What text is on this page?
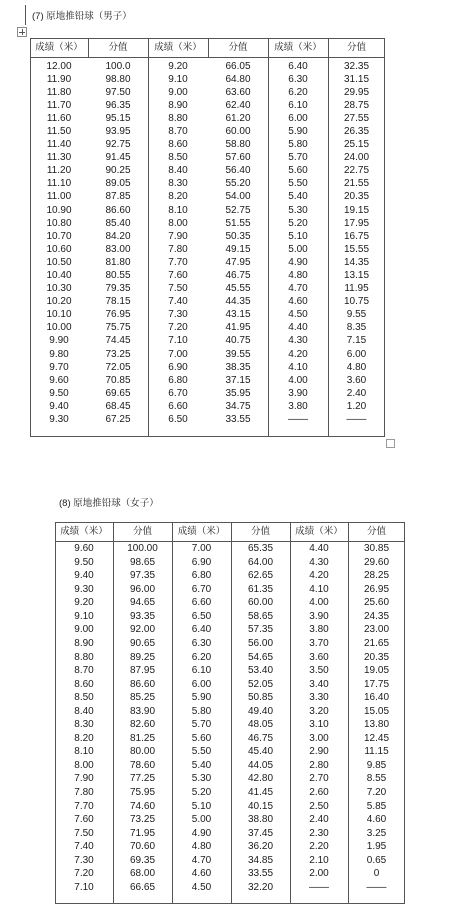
(7) 原地推铅球（男子）
成绩（米）	分值	成绩（米）	分值	成绩（米）	分值
12.00	100.0	9.20	66.05	6.40	32.35
11.90	98.80	9.10	64.80	6.30	31.15
11.80	97.50	9.00	63.60	6.20	29.95
11.70	96.35	8.90	62.40	6.10	28.75
11.60	95.15	8.80	61.20	6.00	27.55
11.50	93.95	8.70	60.00	5.90	26.35
11.40	92.75	8.60	58.80	5.80	25.15
11.30	91.45	8.50	57.60	5.70	24.00
11.20	90.25	8.40	56.40	5.60	22.75
11.10	89.05	8.30	55.20	5.50	21.55
11.00	87.85	8.20	54.00	5.40	20.35
10.90	86.60	8.10	52.75	5.30	19.15
10.80	85.40	8.00	51.55	5.20	17.95
10.70	84.20	7.90	50.35	5.10	16.75
10.60	83.00	7.80	49.15	5.00	15.55
10.50	81.80	7.70	47.95	4.90	14.35
10.40	80.55	7.60	46.75	4.80	13.15
10.30	79.35	7.50	45.55	4.70	11.95
10.20	78.15	7.40	44.35	4.60	10.75
10.10	76.95	7.30	43.15	4.50	9.55
10.00	75.75	7.20	41.95	4.40	8.35
9.90	74.45	7.10	40.75	4.30	7.15
9.80	73.25	7.00	39.55	4.20	6.00
9.70	72.05	6.90	38.35	4.10	4.80
9.60	70.85	6.80	37.15	4.00	3.60
9.50	69.65	6.70	35.95	3.90	2.40
9.40	68.45	6.60	34.75	3.80	1.20
9.30	67.25	6.50	33.55	——	——
(8) 原地推铅球（女子）
成绩（米）	分值	成绩（米）	分值	成绩（米）	分值
9.60	100.00	7.00	65.35	4.40	30.85
9.50	98.65	6.90	64.00	4.30	29.60
9.40	97.35	6.80	62.65	4.20	28.25
9.30	96.00	6.70	61.35	4.10	26.95
9.20	94.65	6.60	60.00	4.00	25.60
9.10	93.35	6.50	58.65	3.90	24.35
9.00	92.00	6.40	57.35	3.80	23.00
8.90	90.65	6.30	56.00	3.70	21.65
8.80	89.25	6.20	54.65	3.60	20.35
8.70	87.95	6.10	53.40	3.50	19.05
8.60	86.60	6.00	52.05	3.40	17.75
8.50	85.25	5.90	50.85	3.30	16.40
8.40	83.90	5.80	49.40	3.20	15.05
8.30	82.60	5.70	48.05	3.10	13.80
8.20	81.25	5.60	46.75	3.00	12.45
8.10	80.00	5.50	45.40	2.90	11.15
8.00	78.60	5.40	44.05	2.80	9.85
7.90	77.25	5.30	42.80	2.70	8.55
7.80	75.95	5.20	41.45	2.60	7.20
7.70	74.60	5.10	40.15	2.50	5.85
7.60	73.25	5.00	38.80	2.40	4.60
7.50	71.95	4.90	37.45	2.30	3.25
7.40	70.60	4.80	36.20	2.20	1.95
7.30	69.35	4.70	34.85	2.10	0.65
7.20	68.00	4.60	33.55	2.00	0
7.10	66.65	4.50	32.20	——	——
